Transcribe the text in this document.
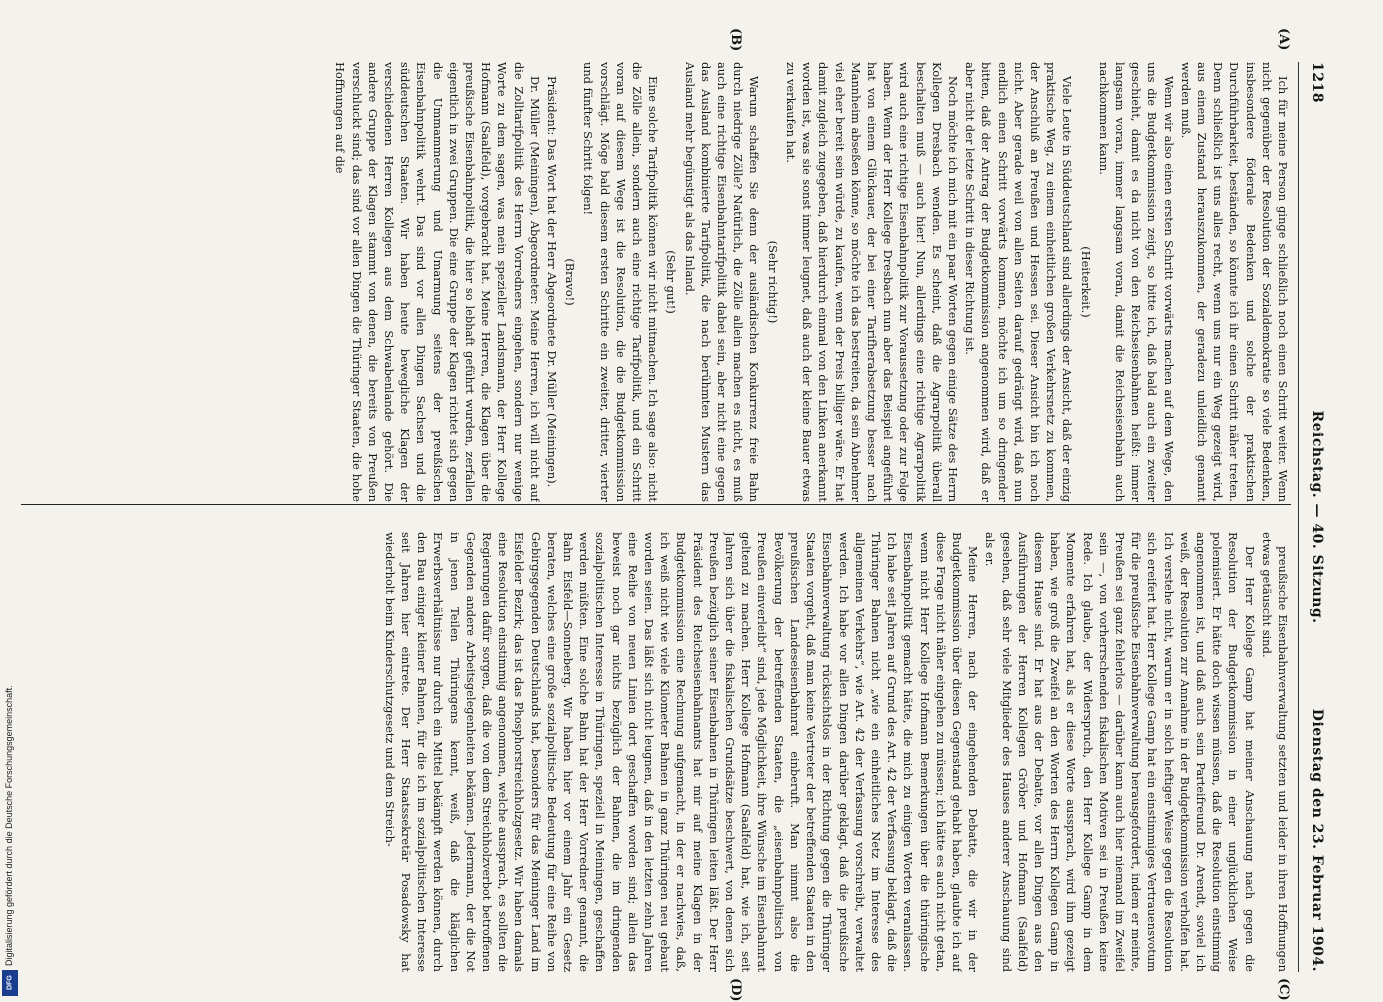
1218
Reichstag. — 40. Sitzung.
Dienstag den 23. Februar 1904.
(A)
(B)
(C)
(D)

Ich für meine Person ginge schließlich noch einen Schritt weiter. Wenn nicht gegenüber der Resolution der Sozialdemokratie so viele Bedenken, insbesondere föderale Bedenken und solche der praktischen Durchführbarkeit, beständen, so könnte ich ihr einen Schritt näher treten. Denn schließlich ist uns alles recht, wenn uns nur ein Weg gezeigt wird, aus einem Zustand herauszukommen, der geradezu unleidlich genannt werden muß.

Wenn wir also einen ersten Schritt vorwärts machen auf dem Wege, den uns die Budgetkommission zeigt, so bitte ich, daß bald auch ein zweiter geschieht, damit es da nicht von den Reichseisenbahnen heißt: immer langsam voran, immer langsam voran, damit die Reichseisenbahn auch nachkommen kann.

(Heiterkeit.)

Viele Leute in Süddeutschland sind allerdings der Ansicht, daß der einzig praktische Weg, zu einem einheitlichen großen Verkehrsnetz zu kommen, der Anschluß an Preußen und Hessen sei. Dieser Ansicht bin ich noch nicht. Aber gerade weil von allen Seiten darauf gedrängt wird, daß nun endlich einen Schritt vorwärts kommen, möchte ich um so dringender bitten, daß der Antrag der Budgetkommission angenommen wird, daß er aber nicht der letzte Schritt in dieser Richtung ist.

Noch möchte ich mich mit ein paar Worten gegen einige Sätze des Herrn Kollegen Dresbach wenden. Es scheint, daß die Agrarpolitik überall beschalten muß — auch hier! Nun, allerdings eine richtige Agrarpolitik wird auch eine richtige Eisenbahnpolitik zur Voraussetzung oder zur Folge haben. Wenn der Herr Kollege Dresbach nun aber das Beispiel angeführt hat von einem Glückauer, der bei einer Tarifherabsetzung besser nach Mannheim abseßen könne, so möchte ich das bestreiten, da sein Abnehmer viel eher bereit sein würde, zu kaufen, wenn der Preis billiger wäre. Er hat damit zugleich zugegeben, daß hierdurch einmal von den Linken anerkannt worden ist, was sie sonst immer leugnet, daß auch der kleine Bauer etwas zu verkaufen hat.

(Sehr richtig!)

Warum schaffen Sie denn der ausländischen Konkurrenz freie Bahn durch niedrige Zölle? Natürlich, die Zölle allein machen es nicht, es muß auch eine richtige Eisenbahntarifpolitik dabei sein, aber nicht eine gegen das Ausland kombinierte Tarifpolitik, die nach berühmten Mustern das Ausland mehr begünstigt als das Inland.

(Sehr gut!)

Eine solche Tarifpolitik können wir nicht mitmachen. Ich sage also: nicht die Zölle allein, sondern auch eine richtige Tarifpolitik, und ein Schritt voran auf diesem Wege ist die Resolution, die die Budgetkommission vorschlägt. Möge bald diesem ersten Schritte ein zweiter, dritter, vierter und fünfter Schritt folgen!

(Bravo!)

Präsident: Das Wort hat der Herr Abgeordnete Dr. Müller (Meiningen).

Dr. Müller (Meiningen), Abgeordneter: Meine Herren, ich will nicht auf die Zolltarifpolitik des Herrn Vorredners eingehen, sondern nur wenige Worte zu dem sagen, was mein spezieller Landsmann, der Herr Kollege Hofmann (Saalfeld), vorgebracht hat. Meine Herren, die Klagen über die preußische Eisenbahnpolitik, die hier so lebhaft geführt wurden, zerfallen eigentlich in zwei Gruppen. Die eine Gruppe der Klagen richtet sich gegen die Ummammerung und Umarmung seitens der preußischen Eisenbahnpolitik wehrt. Das sind vor allen Dingen Sachsen und die süddeutschen Staaten. Wir haben heute bewegliche Klagen der verschiedenen Herren Kollegen aus dem Schwabenlande gehört. Die andere Gruppe der Klagen stammt von denen, die bereits von Preußen verschluckt sind; das sind vor allen Dingen die Thüringer Staaten, die hohe Hoffnungen auf die

preußische Eisenbahnverwaltung setzten und leider in ihren Hoffnungen etwas getäuscht sind.

Der Herr Kollege Gamp hat meiner Anschauung nach gegen die Resolution der Budgetkommission in einer unglücklichen Weise polemisiert. Er hätte doch wissen müssen, daß die Resolution einstimmig angenommen ist, und daß auch sein Parteifreund Dr. Arendt, soviel ich weiß, der Resolution zur Annahme in der Budgetkommission verholfen hat. Ich verstehe nicht, warum er in solch heftiger Weise gegen die Resolution sich ereifert hat. Herr Kollege Gamp hat ein einstimmiges Vertrauensvotum für die preußische Eisenbahnverwaltung herausgefordert, indem er meinte, Preußen sei ganz fehlerlos — darüber kann auch hier niemand im Zweifel sein —, von vorherrschenden fiskalischen Motiven sei in Preußen keine Rede. Ich glaube, der Widerspruch, den Herr Kollege Gamp in dem Momente erfahren hat, als er diese Worte aussprach, wird ihm gezeigt haben, wie groß die Zweifel an den Worten des Herrn Kollegen Gamp in diesem Hause sind. Er hat aus der Debatte, vor allen Dingen aus den Ausführungen der Herren Kollegen Gröber und Hofmann (Saalfeld) gesehen, daß sehr viele Mitglieder des Hauses anderer Anschauung sind als er.

Meine Herren, nach der eingehenden Debatte, die wir in der Budgetkommission über diesen Gegenstand gehabt haben, glaubte ich auf diese Frage nicht näher eingehen zu müssen; ich hätte es auch nicht getan, wenn nicht Herr Kollege Hofmann Bemerkungen über die thüringische Eisenbahnpolitik gemacht hätte, die mich zu einigen Worten veranlassen. Ich habe seit Jahren auf Grund des Art. 42 der Verfassung beklagt, daß die Thüringer Bahnen nicht „wie ein einheitliches Netz im Interesse des allgemeinen Verkehrs“, wie Art. 42 der Verfassung vorschreibt, verwaltet werden. Ich habe vor allen Dingen darüber geklagt, daß die preußische Eisenbahnverwaltung rücksichtslos in der Richtung gegen die Thüringer Staaten vorgeht, daß man keine Vertreter der betreffenden Staaten in den preußischen Landeseisenbahnrat einberuft. Man nimmt also die Bevölkerung der betreffenden Staaten, die „eisenbahnpolitisch von Preußen einverleibt“ sind, jede Möglichkeit, ihre Wünsche im Eisenbahnrat geltend zu machen. Herr Kollege Hofmann (Saalfeld) hat, wie ich, seit Jahren sich über die fiskalischen Grundsätze beschwert, von denen sich Preußen bezüglich seiner Eisenbahnen in Thüringen leiten läßt. Der Herr Präsident des Reichseisenbahnamts hat mir auf meine Klagen in der Budgetkommission eine Rechnung aufgemacht, in der er nachwies, daß, ich weiß nicht wie viele Kilometer Bahnen in ganz Thüringen neu gebaut worden seien. Das läßt sich nicht leugnen, daß in den letzten zehn Jahren eine Reihe von neuen Linien dort geschaffen worden sind; allein das beweist noch gar nichts bezüglich der Bahnen, die im dringenden sozialpolitischen Interesse in Thüringen, speziell in Meiningen, geschaffen werden müßten. Eine solche Bahn hat der Herr Vorredner genannt, die Bahn Eisfeld—Sonneberg. Wir haben hier vor einem Jahr ein Gesetz beraten, welches eine große sozialpolitische Bedeutung für eine Reihe von Gebirgsgegenden Deutschlands hat, besonders für das Meininger Land im Eisfelder Bezirk; das ist das Phosphorstreichholzgesetz. Wir haben damals eine Resolution einstimmig angenommen, welche aussprach, es sollten die Regierungen dafür sorgen, daß die von dem Streichholzverbot betroffenen Gegenden andere Arbeitsgelegenheiten bekämen. Jedermann, der die Not in jenen Teilen Thüringens kennt, weiß, daß die kläglichen Erwerbsverhältnisse nur durch ein Mittel bekämpft werden können, durch den Bau einiger kleiner Bahnen, für die ich im sozialpolitischen Interesse seit Jahren hier eintrete. Der Herr Staatssekretär Posadowsky hat wiederholt beim Kinderschutzgesetz und dem Streich-

Digitalisierung gefördert durch die Deutsche Forschungsgemeinschaft.
DFG
